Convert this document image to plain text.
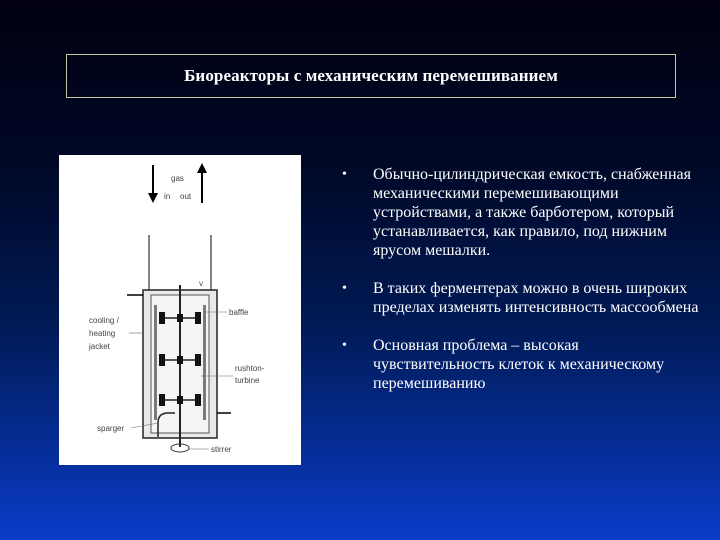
Биореакторы с механическим перемешиванием
gas
in out
v
cooling /
heating
jacket
baffle
rushton-
turbine
sparger
stirrer
• Обычно-цилиндрическая емкость, снабженная механическими перемешивающими устройствами, а также барботером, который устанавливается, как правило, под нижним ярусом мешалки.
• В таких ферментерах можно в очень широких пределах изменять интенсивность массообмена
• Основная проблема – высокая чувствительность клеток к механическому перемешиванию
